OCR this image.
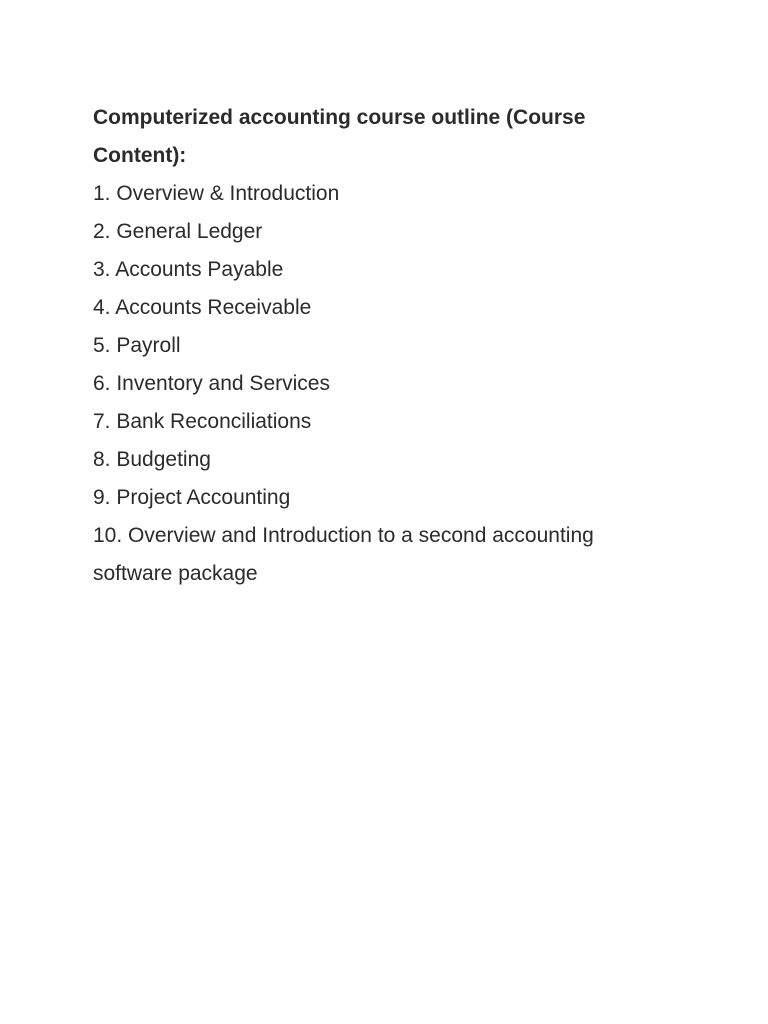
Computerized accounting course outline (Course Content):

1. Overview & Introduction
2. General Ledger
3. Accounts Payable
4. Accounts Receivable
5. Payroll
6. Inventory and Services
7. Bank Reconciliations
8. Budgeting
9. Project Accounting
10. Overview and Introduction to a second accounting software package
